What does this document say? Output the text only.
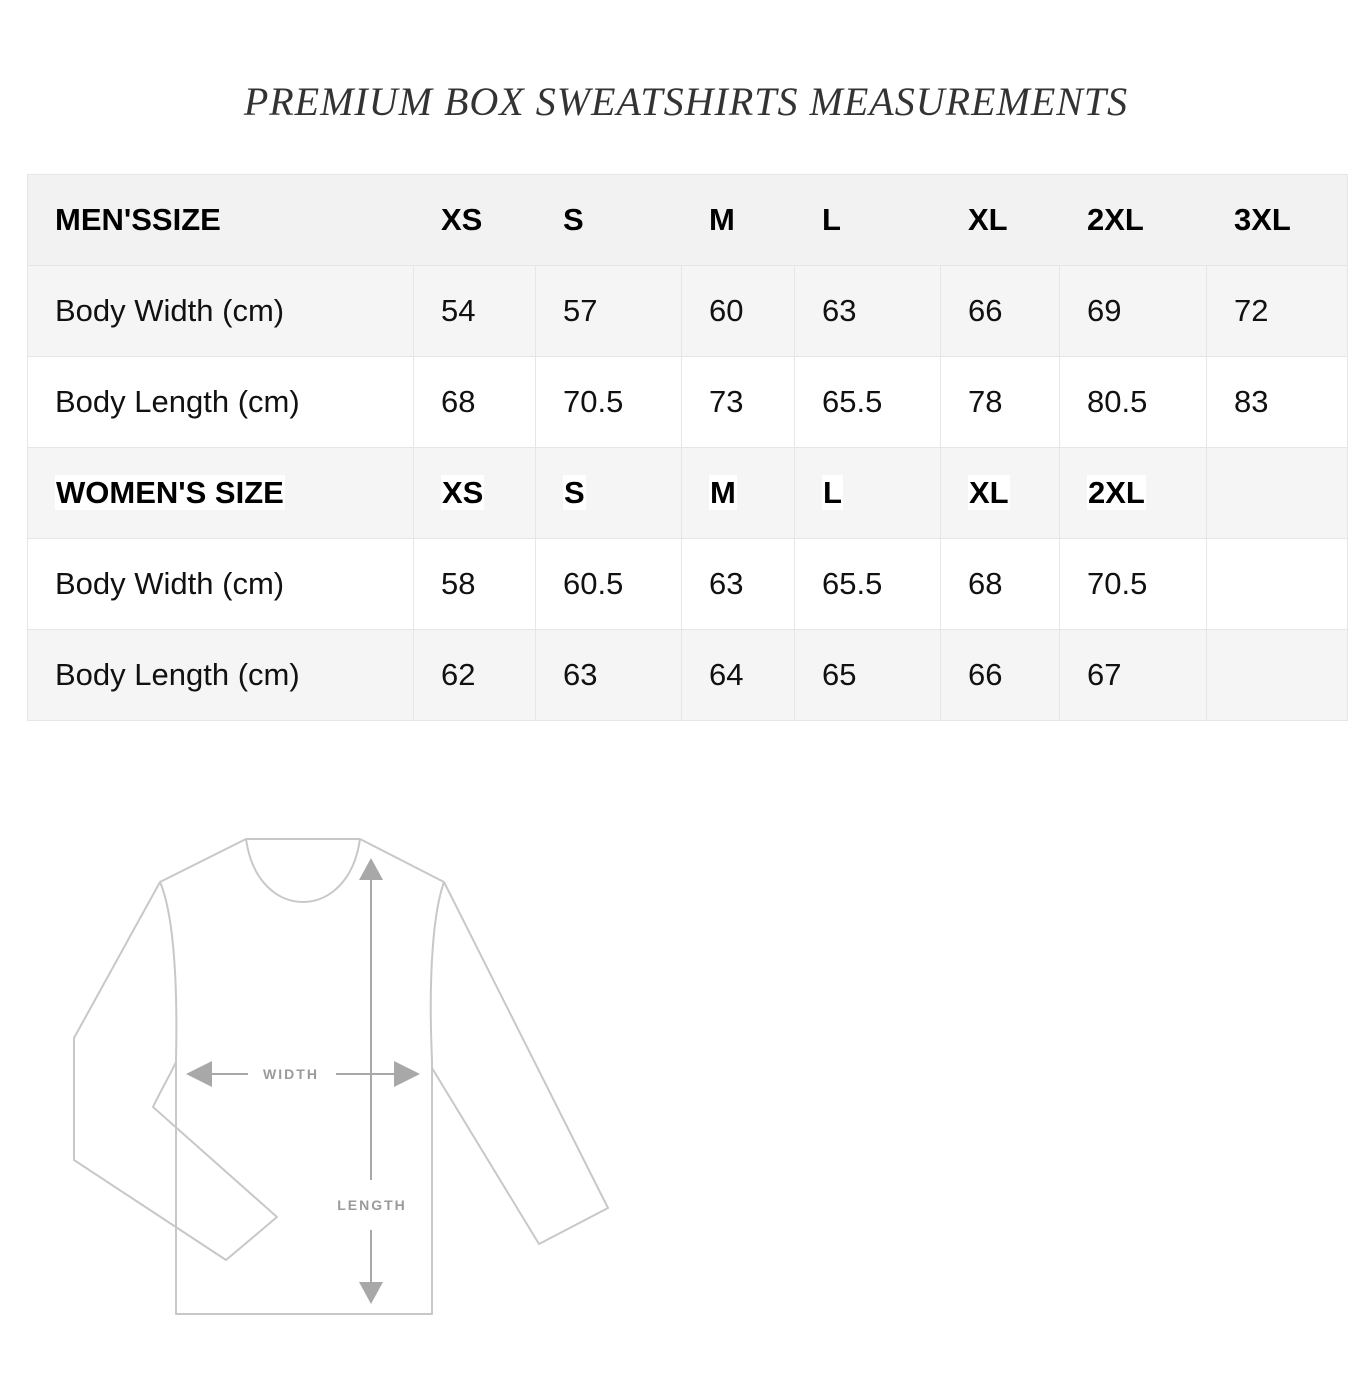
PREMIUM BOX SWEATSHIRTS MEASUREMENTS
MEN'SSIZE	XS	S	M	L	XL	2XL	3XL
Body Width (cm)	54	57	60	63	66	69	72
Body Length (cm)	68	70.5	73	65.5	78	80.5	83
WOMEN'S SIZE	XS	S	M	L	XL	2XL	
Body Width (cm)	58	60.5	63	65.5	68	70.5	
Body Length (cm)	62	63	64	65	66	67	
WIDTH
LENGTH
